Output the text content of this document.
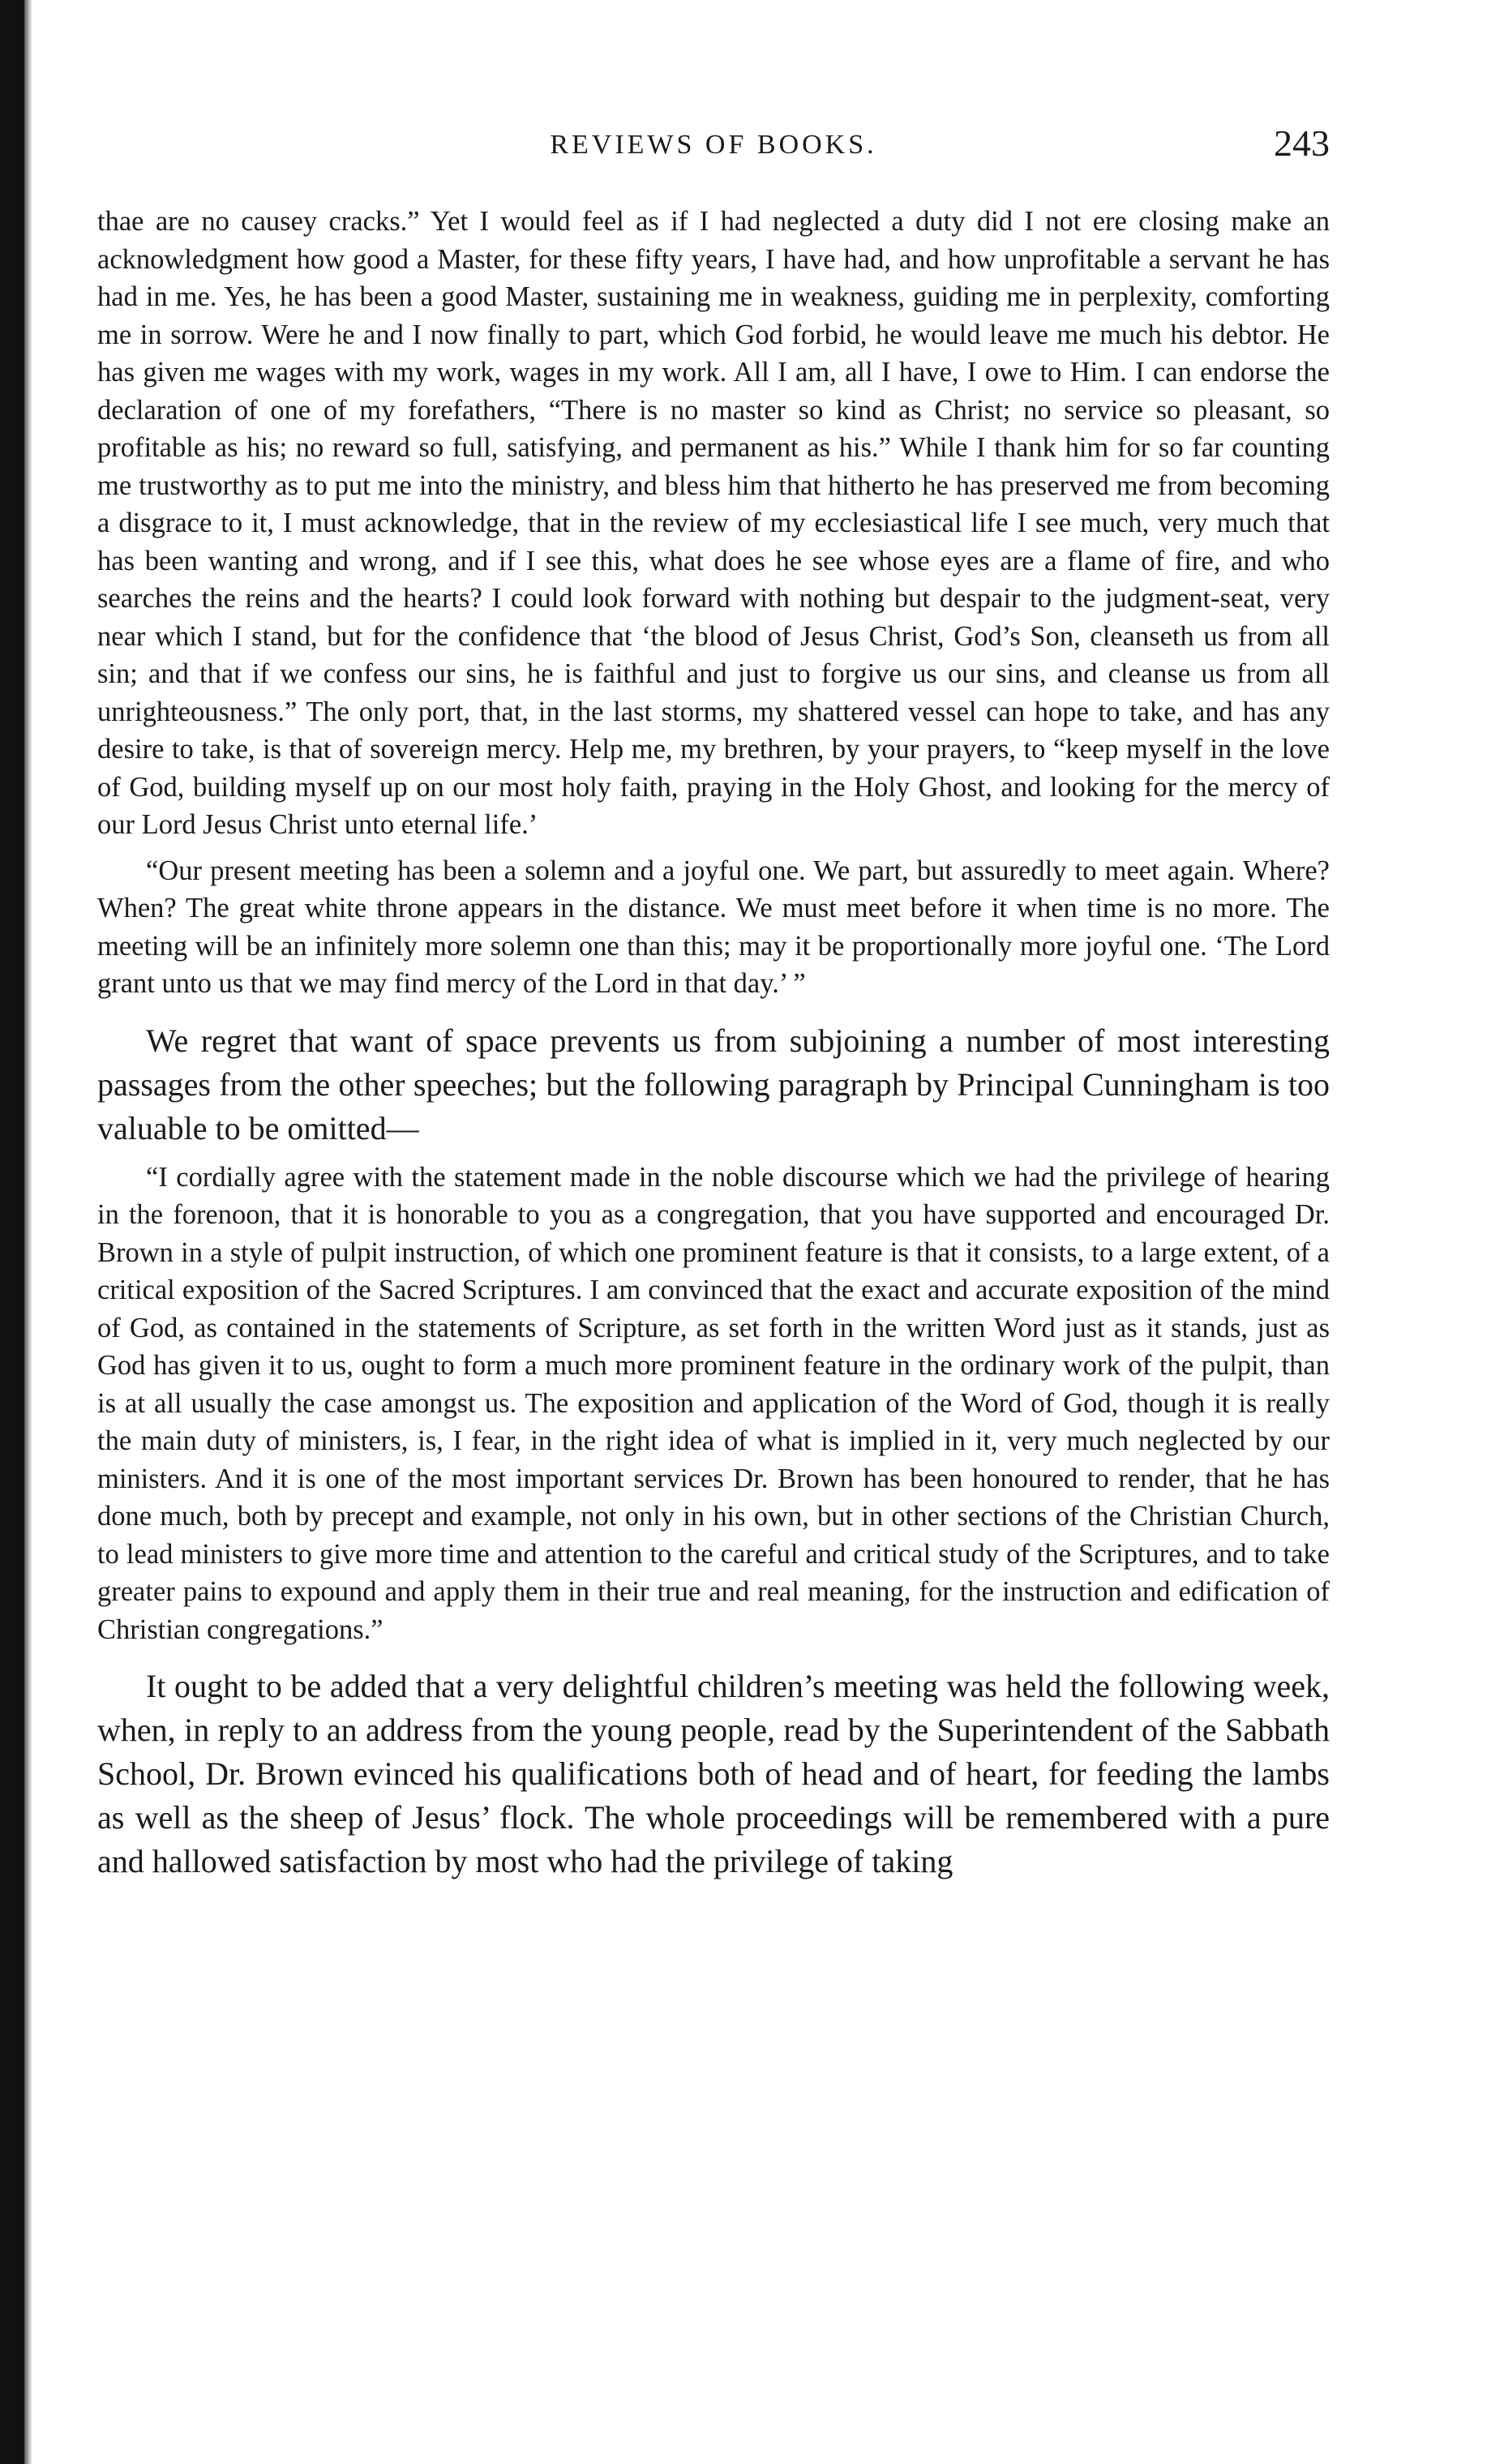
REVIEWS OF BOOKS.	243

thae are no causey cracks.” Yet I would feel as if I had neglected a duty did I not ere closing make an acknowledgment how good a Master, for these fifty years, I have had, and how unprofitable a servant he has had in me. Yes, he has been a good Master, sustaining me in weakness, guiding me in perplexity, comforting me in sorrow. Were he and I now finally to part, which God forbid, he would leave me much his debtor. He has given me wages with my work, wages in my work. All I am, all I have, I owe to Him. I can endorse the declaration of one of my forefathers, “There is no master so kind as Christ; no service so pleasant, so profitable as his; no reward so full, satisfying, and permanent as his.” While I thank him for so far counting me trustworthy as to put me into the ministry, and bless him that hitherto he has preserved me from becoming a disgrace to it, I must acknowledge, that in the review of my ecclesiastical life I see much, very much that has been wanting and wrong, and if I see this, what does he see whose eyes are a flame of fire, and who searches the reins and the hearts? I could look forward with nothing but despair to the judgment-seat, very near which I stand, but for the confidence that ‘the blood of Jesus Christ, God’s Son, cleanseth us from all sin; and that if we confess our sins, he is faithful and just to forgive us our sins, and cleanse us from all unrighteousness.” The only port, that, in the last storms, my shattered vessel can hope to take, and has any desire to take, is that of sovereign mercy. Help me, my brethren, by your prayers, to “keep myself in the love of God, building myself up on our most holy faith, praying in the Holy Ghost, and looking for the mercy of our Lord Jesus Christ unto eternal life.’

“Our present meeting has been a solemn and a joyful one. We part, but assuredly to meet again. Where? When? The great white throne appears in the distance. We must meet before it when time is no more. The meeting will be an infinitely more solemn one than this; may it be proportionally more joyful one. ‘The Lord grant unto us that we may find mercy of the Lord in that day.’ ”

We regret that want of space prevents us from subjoining a number of most interesting passages from the other speeches; but the following paragraph by Principal Cunningham is too valuable to be omitted—

“I cordially agree with the statement made in the noble discourse which we had the privilege of hearing in the forenoon, that it is honorable to you as a congregation, that you have supported and encouraged Dr. Brown in a style of pulpit instruction, of which one prominent feature is that it consists, to a large extent, of a critical exposition of the Sacred Scriptures. I am convinced that the exact and accurate exposition of the mind of God, as contained in the statements of Scripture, as set forth in the written Word just as it stands, just as God has given it to us, ought to form a much more prominent feature in the ordinary work of the pulpit, than is at all usually the case amongst us. The exposition and application of the Word of God, though it is really the main duty of ministers, is, I fear, in the right idea of what is implied in it, very much neglected by our ministers. And it is one of the most important services Dr. Brown has been honoured to render, that he has done much, both by precept and example, not only in his own, but in other sections of the Christian Church, to lead ministers to give more time and attention to the careful and critical study of the Scriptures, and to take greater pains to expound and apply them in their true and real meaning, for the instruction and edification of Christian congregations.”

It ought to be added that a very delightful children’s meeting was held the following week, when, in reply to an address from the young people, read by the Superintendent of the Sabbath School, Dr. Brown evinced his qualifications both of head and of heart, for feeding the lambs as well as the sheep of Jesus’ flock. The whole proceedings will be remembered with a pure and hallowed satisfaction by most who had the privilege of taking
